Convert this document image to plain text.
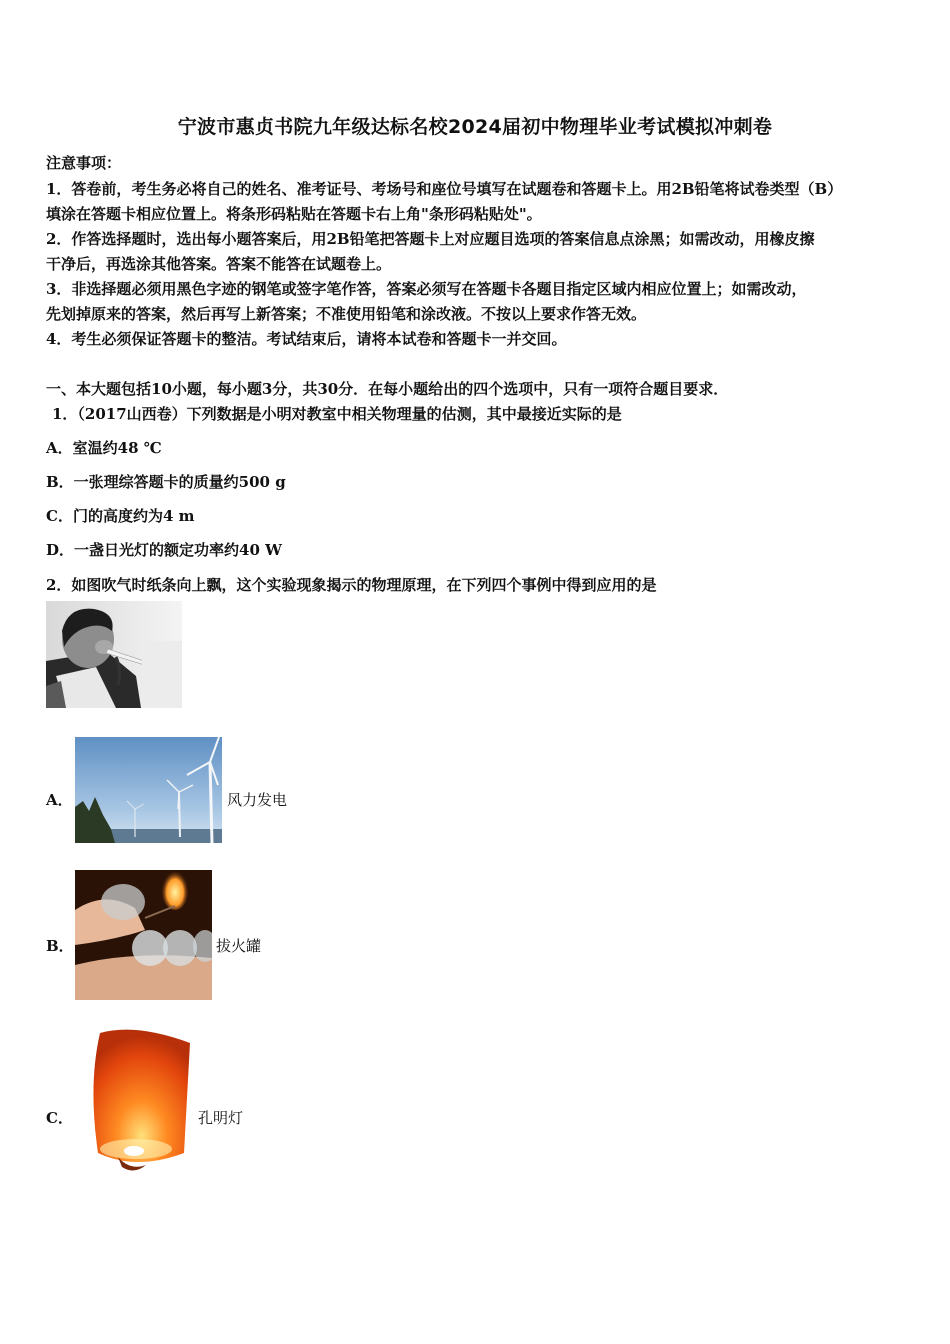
宁波市惠贞书院九年级达标名校2024届初中物理毕业考试模拟冲刺卷
注意事项：
1．答卷前，考生务必将自己的姓名、准考证号、考场号和座位号填写在试题卷和答题卡上。用2B铅笔将试卷类型（B）
填涂在答题卡相应位置上。将条形码粘贴在答题卡右上角"条形码粘贴处"。
2．作答选择题时，选出每小题答案后，用2B铅笔把答题卡上对应题目选项的答案信息点涂黑；如需改动，用橡皮擦
干净后，再选涂其他答案。答案不能答在试题卷上。
3．非选择题必须用黑色字迹的钢笔或签字笔作答，答案必须写在答题卡各题目指定区域内相应位置上；如需改动，
先划掉原来的答案，然后再写上新答案；不准使用铅笔和涂改液。不按以上要求作答无效。
4．考生必须保证答题卡的整洁。考试结束后，请将本试卷和答题卡一并交回。
一、本大题包括10小题，每小题3分，共30分．在每小题给出的四个选项中，只有一项符合题目要求．
1．（2017山西卷）下列数据是小明对教室中相关物理量的估测，其中最接近实际的是
A．室温约48 ℃
B．一张理综答题卡的质量约500 g
C．门的高度约为4 m
D．一盏日光灯的额定功率约40 W
2．如图吹气时纸条向上飘，这个实验现象揭示的物理原理，在下列四个事例中得到应用的是
A．	风力发电
B．	拔火罐
C．	孔明灯
